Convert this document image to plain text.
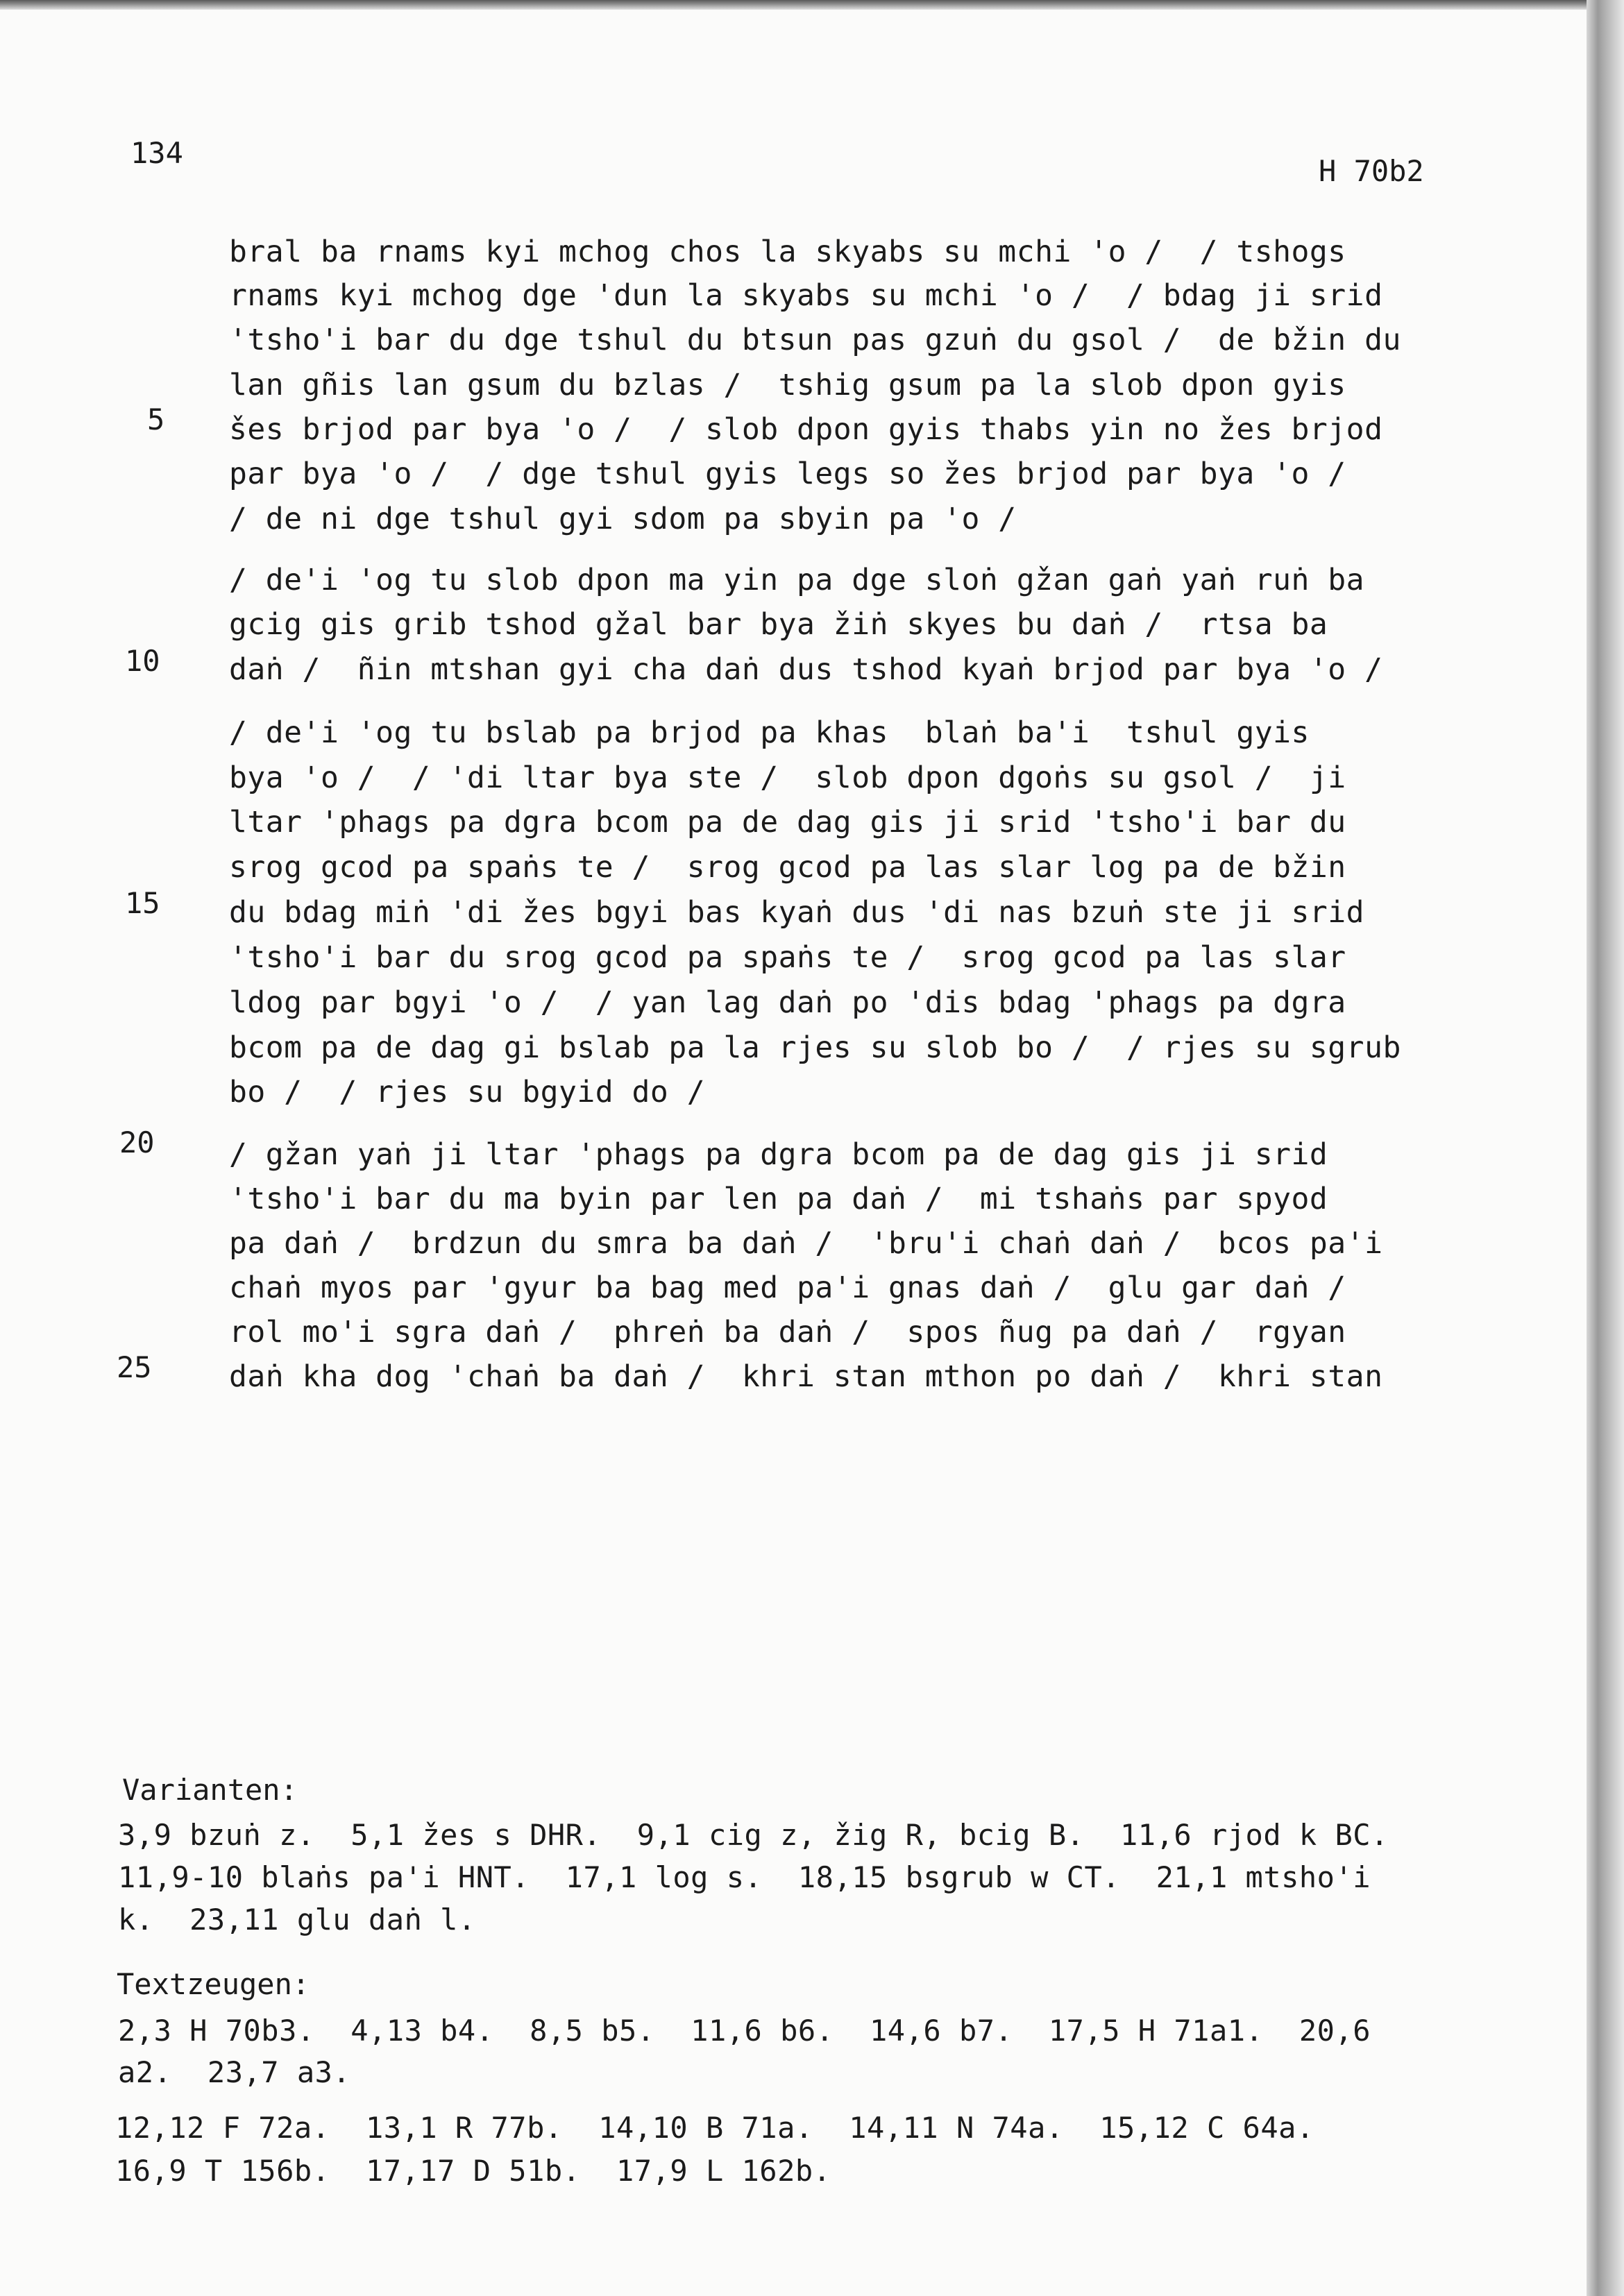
134
H 70b2
bral ba rnams kyi mchog chos la skyabs su mchi 'o /  / tshogs
rnams kyi mchog dge 'dun la skyabs su mchi 'o /  / bdag ji srid
'tsho'i bar du dge tshul du btsun pas gzuṅ du gsol /  de bžin du
lan gñis lan gsum du bzlas /  tshig gsum pa la slob dpon gyis
šes brjod par bya 'o /  / slob dpon gyis thabs yin no žes brjod
par bya 'o /  / dge tshul gyis legs so žes brjod par bya 'o /
/ de ni dge tshul gyi sdom pa sbyin pa 'o /
/ de'i 'og tu slob dpon ma yin pa dge sloṅ gžan gaṅ yaṅ ruṅ ba
gcig gis grib tshod gžal bar bya žiṅ skyes bu daṅ /  rtsa ba
daṅ /  ñin mtshan gyi cha daṅ dus tshod kyaṅ brjod par bya 'o /
/ de'i 'og tu bslab pa brjod pa khas  blaṅ ba'i  tshul gyis
bya 'o /  / 'di ltar bya ste /  slob dpon dgoṅs su gsol /  ji
ltar 'phags pa dgra bcom pa de dag gis ji srid 'tsho'i bar du
srog gcod pa spaṅs te /  srog gcod pa las slar log pa de bžin
du bdag miṅ 'di žes bgyi bas kyaṅ dus 'di nas bzuṅ ste ji srid
'tsho'i bar du srog gcod pa spaṅs te /  srog gcod pa las slar
ldog par bgyi 'o /  / yan lag daṅ po 'dis bdag 'phags pa dgra
bcom pa de dag gi bslab pa la rjes su slob bo /  / rjes su sgrub
bo /  / rjes su bgyid do /
/ gžan yaṅ ji ltar 'phags pa dgra bcom pa de dag gis ji srid
'tsho'i bar du ma byin par len pa daṅ /  mi tshaṅs par spyod
pa daṅ /  brdzun du smra ba daṅ /  'bru'i chaṅ daṅ /  bcos pa'i
chaṅ myos par 'gyur ba bag med pa'i gnas daṅ /  glu gar daṅ /
rol mo'i sgra daṅ /  phreṅ ba daṅ /  spos ñug pa daṅ /  rgyan
daṅ kha dog 'chaṅ ba daṅ /  khri stan mthon po daṅ /  khri stan
5
10
15
20
25
Varianten:
3,9 bzuṅ z.  5,1 žes s DHR.  9,1 cig z, žig R, bcig B.  11,6 rjod k BC.
11,9-10 blaṅs pa'i HNT.  17,1 log s.  18,15 bsgrub w CT.  21,1 mtsho'i
k.  23,11 glu daṅ l.
Textzeugen:
2,3 H 70b3.  4,13 b4.  8,5 b5.  11,6 b6.  14,6 b7.  17,5 H 71a1.  20,6
a2.  23,7 a3.
12,12 F 72a.  13,1 R 77b.  14,10 B 71a.  14,11 N 74a.  15,12 C 64a.
16,9 T 156b.  17,17 D 51b.  17,9 L 162b.
